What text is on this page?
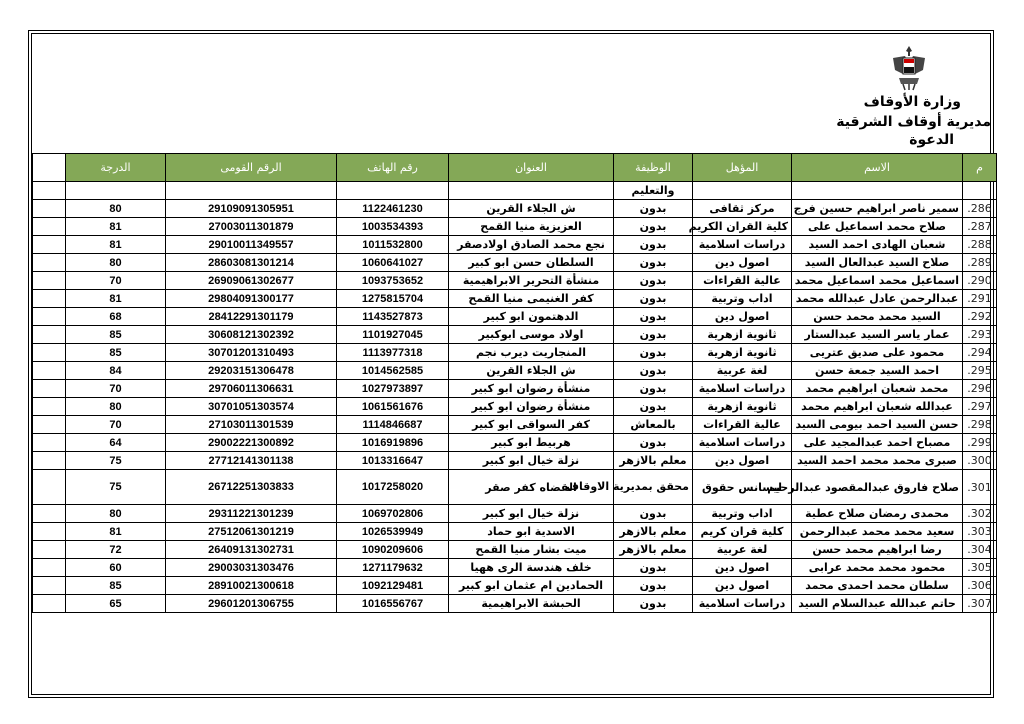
وزارة الأوقاف
مديرية أوقاف الشرقية
الدعوة
م	الاسم	المؤهل	الوظيفة	العنوان	رقم الهاتف	الرقم القومى	الدرجة	
			والتعليم					
286.	سمير ناصر ابراهيم حسين فرج	مركز ثقافى	بدون	ش الجلاء القرين	1122461230	29109091305951	80	
287.	صلاح محمد اسماعيل على	كلية القران الكريم	بدون	العزيزية منيا القمح	1003534393	27003011301879	81	
288.	شعبان الهادى احمد السيد	دراسات اسلامية	بدون	نجع محمد الصادق اولادصقر	1011532800	29010011349557	81	
289.	صلاح السيد عبدالعال السيد	اصول دين	بدون	السلطان حسن ابو كبير	1060641027	28603081301214	80	
290.	اسماعيل محمد اسماعيل محمد	عالية القراءات	بدون	منشأة التحرير الابراهيمية	1093753652	26909061302677	70	
291.	عبدالرحمن عادل عبدالله محمد	اداب وتربية	بدون	كفر الغنيمى منيا القمح	1275815704	29804091300177	81	
292.	السيد محمد محمد حسن	اصول دين	بدون	الدهتمون ابو كبير	1143527873	28412291301179	68	
293.	عمار ياسر السيد عبدالستار	ثانوية ازهرية	بدون	اولاد موسى ابوكبير	1101927045	30608121302392	85	
294.	محمود على صديق عتريى	ثانوية ازهرية	بدون	المنجاريت ديرب نجم	1113977318	30701201310493	85	
295.	احمد السيد جمعة حسن	لغة عربية	بدون	ش الجلاء القرين	1014562585	29203151306478	84	
296.	محمد شعبان ابراهيم محمد	دراسات اسلامية	بدون	منشأة رضوان ابو كبير	1027973897	29706011306631	70	
297.	عبدالله شعبان ابراهيم محمد	ثانوية ازهرية	بدون	منشأة رضوان ابو كبير	1061561676	30701051303574	80	
298.	حسن السيد احمد بيومى السيد	عالية القراءات	بالمعاش	كفر السواقى ابو كبير	1114846687	27103011301539	70	
299.	مصباح احمد عبدالمجيد على	دراسات اسلامية	بدون	هربيط ابو كبير	1016919896	29002221300892	64	
300.	صبرى محمد محمد احمد السيد	اصول دين	معلم بالازهر	نزلة خيال ابو كبير	1013316647	27712141301138	75	
301.	صلاح فاروق عبدالمقصود عبدالرحيم	ليسانس حقوق	محقق بمديرية الاوقاف	القضاه كفر صقر	1017258020	26712251303833	75	
302.	محمدى رمضان صلاح عطية	اداب وتربية	بدون	نزلة خيال ابو كبير	1069702806	29311221301239	80	
303.	سعيد محمد محمد عبدالرحمن	كلية قران كريم	معلم بالازهر	الاسدية ابو حماد	1026539949	27512061301219	81	
304.	رضا ابراهيم محمد حسن	لغة عربية	معلم بالازهر	ميت بشار منيا القمح	1090209606	26409131302731	72	
305.	محمود محمد محمد عرابى	اصول دين	بدون	خلف هندسة الرى ههيا	1271179632	29003031303476	60	
306.	سلطان محمد احمدى محمد	اصول دين	بدون	الحمادين ام عثمان ابو كبير	1092129481	28910021300618	85	
307.	حاتم عبدالله عبدالسلام السيد	دراسات اسلامية	بدون	الحبشة الابراهيمية	1016556767	29601201306755	65	
